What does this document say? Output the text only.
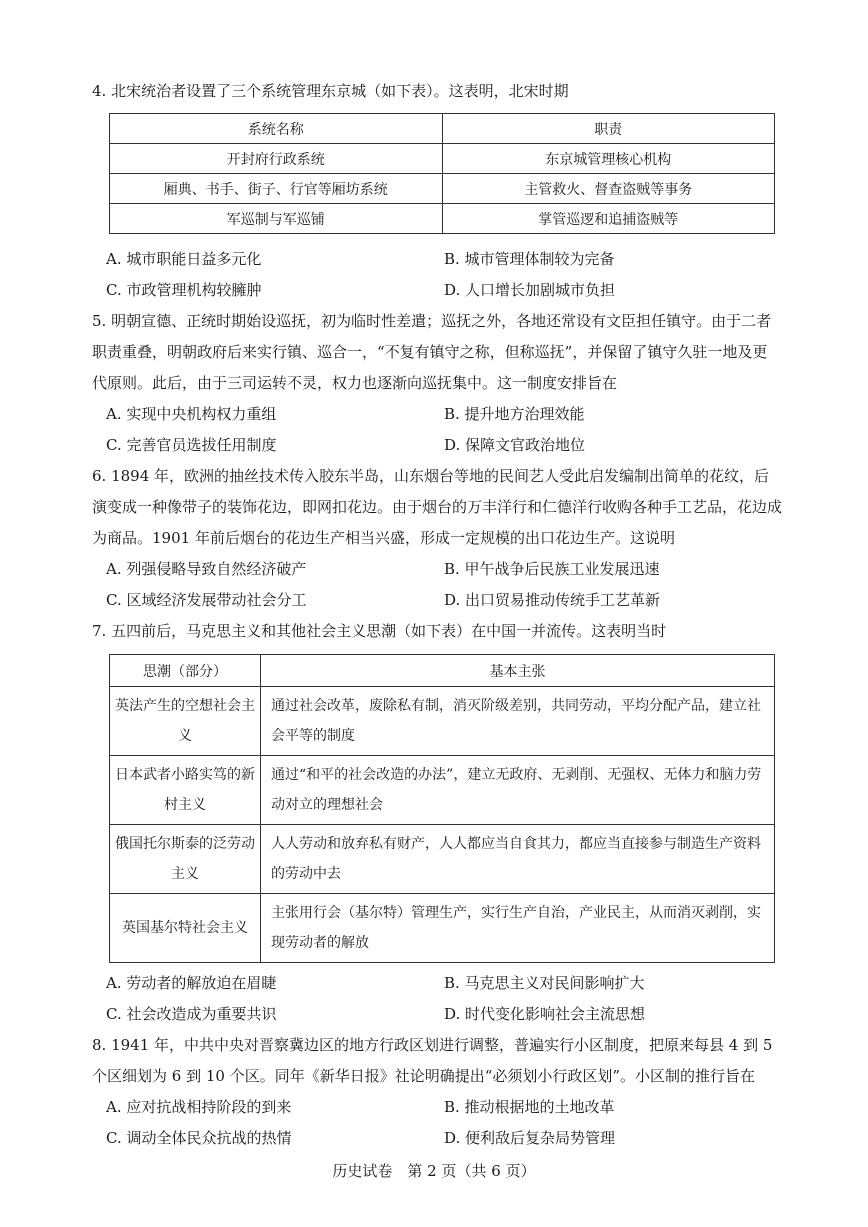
4. 北宋统治者设置了三个系统管理东京城（如下表）。这表明，北宋时期
系统名称	职责
开封府行政系统	东京城管理核心机构
厢典、书手、街子、行官等厢坊系统	主管救火、督查盗贼等事务
军巡制与军巡铺	掌管巡逻和追捕盗贼等
A. 城市职能日益多元化	B. 城市管理体制较为完备
C. 市政管理机构较臃肿	D. 人口增长加剧城市负担
5. 明朝宣德、正统时期始设巡抚，初为临时性差遣；巡抚之外，各地还常设有文臣担任镇守。由于二者职责重叠，明朝政府后来实行镇、巡合一，“不复有镇守之称，但称巡抚”，并保留了镇守久驻一地及更代原则。此后，由于三司运转不灵，权力也逐渐向巡抚集中。这一制度安排旨在
A. 实现中央机构权力重组	B. 提升地方治理效能
C. 完善官员选拔任用制度	D. 保障文官政治地位
6. 1894 年，欧洲的抽丝技术传入胶东半岛，山东烟台等地的民间艺人受此启发编制出简单的花纹，后演变成一种像带子的装饰花边，即网扣花边。由于烟台的万丰洋行和仁德洋行收购各种手工艺品，花边成为商品。1901 年前后烟台的花边生产相当兴盛，形成一定规模的出口花边生产。这说明
A. 列强侵略导致自然经济破产	B. 甲午战争后民族工业发展迅速
C. 区域经济发展带动社会分工	D. 出口贸易推动传统手工艺革新
7. 五四前后，马克思主义和其他社会主义思潮（如下表）在中国一并流传。这表明当时
思潮（部分）	基本主张
英法产生的空想社会主义	通过社会改革，废除私有制，消灭阶级差别，共同劳动，平均分配产品，建立社会平等的制度
日本武者小路实笃的新村主义	通过“和平的社会改造的办法”，建立无政府、无剥削、无强权、无体力和脑力劳动对立的理想社会
俄国托尔斯泰的泛劳动主义	人人劳动和放弃私有财产，人人都应当自食其力，都应当直接参与制造生产资料的劳动中去
英国基尔特社会主义	主张用行会（基尔特）管理生产，实行生产自治，产业民主，从而消灭剥削，实现劳动者的解放
A. 劳动者的解放迫在眉睫	B. 马克思主义对民间影响扩大
C. 社会改造成为重要共识	D. 时代变化影响社会主流思想
8. 1941 年，中共中央对晋察冀边区的地方行政区划进行调整，普遍实行小区制度，把原来每县 4 到 5 个区细划为 6 到 10 个区。同年《新华日报》社论明确提出“必须划小行政区划”。小区制的推行旨在
A. 应对抗战相持阶段的到来	B. 推动根据地的土地改革
C. 调动全体民众抗战的热情	D. 便利敌后复杂局势管理
历史试卷　第 2 页（共 6 页）
